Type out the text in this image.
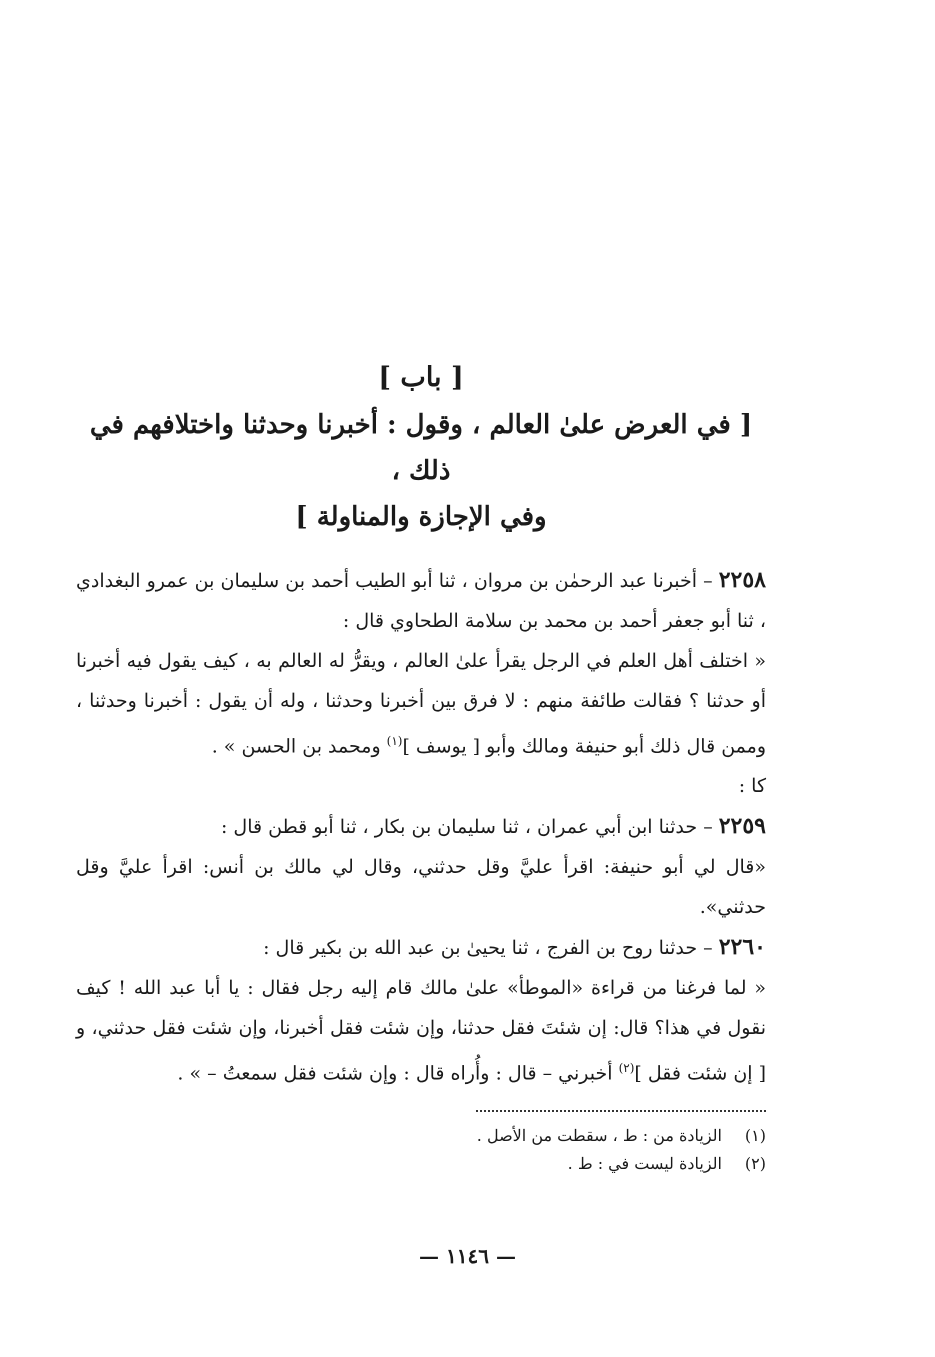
[ باب ]
[ في العرض علىٰ العالم ، وقول : أخبرنا وحدثنا واختلافهم في ذلك ،
وفي الإجازة والمناولة ]

٢٢٥٨ – أخبرنا عبد الرحمٰن بن مروان ، ثنا أبو الطيب أحمد بن سليمان بن عمرو البغدادي ، ثنا أبو جعفر أحمد بن محمد بن سلامة الطحاوي قال :

« اختلف أهل العلم في الرجل يقرأ علىٰ العالم ، ويقرُّ له العالم به ، كيف يقول فيه أخبرنا أو حدثنا ؟ فقالت طائفة منهم : لا فرق بين أخبرنا وحدثنا ، وله أن يقول : أخبرنا وحدثنا ، وممن قال ذلك أبو حنيفة ومالك وأبو [ يوسف ]$^{(١)}$ ومحمد بن الحسن » .

كا :

٢٢٥٩ – حدثنا ابن أبي عمران ، ثنا سليمان بن بكار ، ثنا أبو قطن قال :

«قال لي أبو حنيفة: اقرأ عليَّ وقل حدثني، وقال لي مالك بن أنس: اقرأ عليَّ وقل حدثني».

٢٢٦٠ – حدثنا روح بن الفرج ، ثنا يحيىٰ بن عبد الله بن بكير قال :

« لما فرغنا من قراءة «الموطأ» علىٰ مالك قام إليه رجل فقال : يا أبا عبد الله ! كيف نقول في هذا؟ قال: إن شئتَ فقل حدثنا، وإن شئت فقل أخبرنا، وإن شئت فقل حدثني، و [ إن شئت فقل ]$^{(٢)}$ أخبرني – قال : وأُراه قال : وإن شئت فقل سمعتُ – » .

(١)
الزيادة من : ط ، سقطت من الأصل .
(٢)
الزيادة ليست في : ط .
— ١١٤٦ —
